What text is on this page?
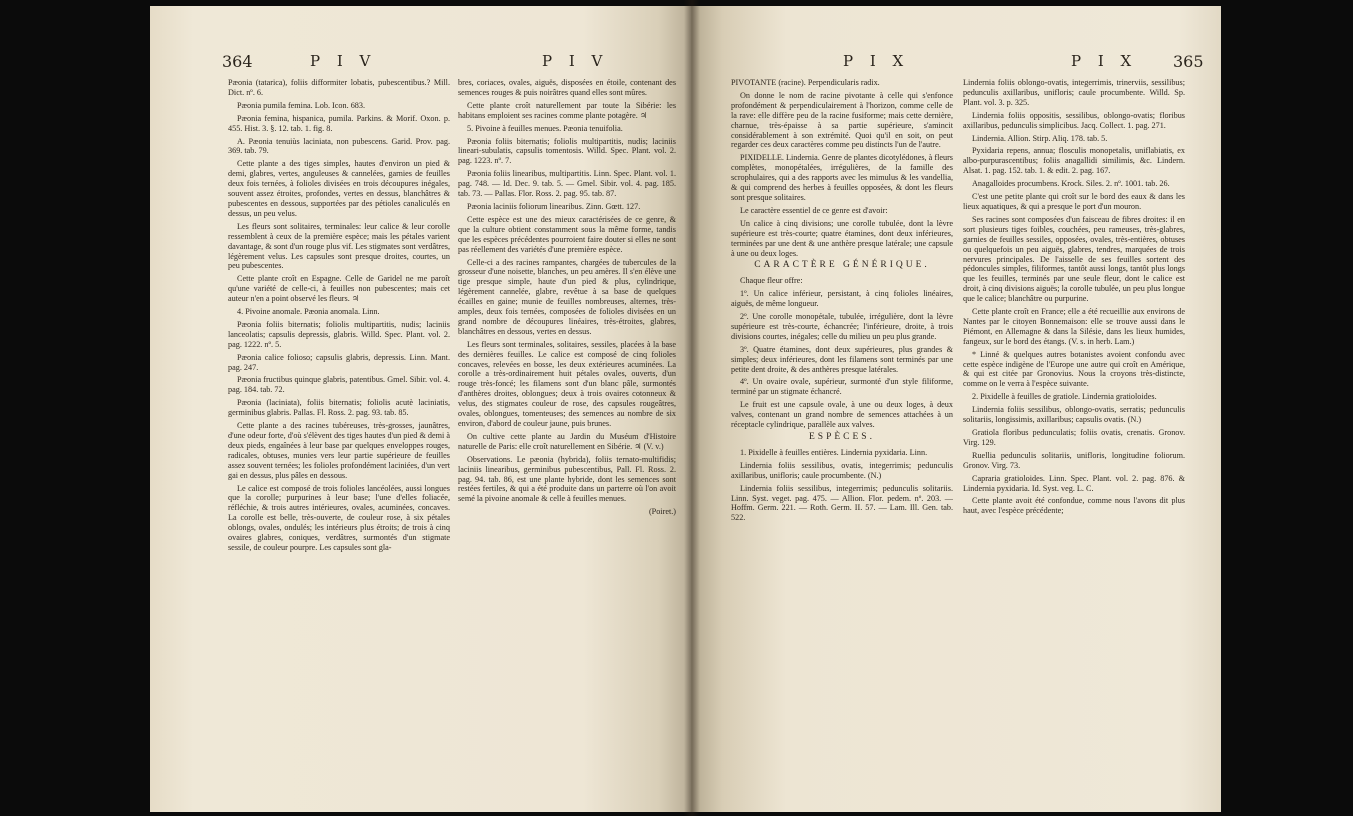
364	P I V	P I V

Pæonia (tatarica), foliis difformiter lobatis, pubescentibus.? Mill. Dict. nº. 6.

Pæonia pumila femina. Lob. Icon. 683.

Pæonia femina, hispanica, pumila. Parkins. & Morif. Oxon. p. 455. Hist. 3. §. 12. tab. 1. fig. 8.

A. Pæonia tenuiùs laciniata, non pubescens. Garid. Prov. pag. 369. tab. 79.

Cette plante a des tiges simples, hautes d'environ un pied & demi, glabres, vertes, anguleuses & cannelées, garnies de feuilles deux fois ternées, à folioles divisées en trois découpures inégales, souvent assez étroites, profondes, vertes en dessus, blanchâtres & pubescentes en dessous, supportées par des pétioles canaliculés en dessus, un peu velus.

Les fleurs sont solitaires, terminales: leur calice & leur corolle ressemblent à ceux de la première espèce; mais les pétales varient davantage, & sont d'un rouge plus vif. Les stigmates sont verdâtres, légèrement velus. Les capsules sont presque droites, courtes, un peu pubescentes.

Cette plante croît en Espagne. Celle de Garidel ne me paroît qu'une variété de celle-ci, à feuilles non pubescentes; mais cet auteur n'en a point observé les fleurs. ♃

4. Pivoine anomale. Pæonia anomala. Linn.

Pæonia foliis biternatis; foliolis multipartitis, nudis; laciniis lanceolatis; capsulis depressis, glabris. Willd. Spec. Plant. vol. 2. pag. 1222. nº. 5.

Pæonia calice folioso; capsulis glabris, depressis. Linn. Mant. pag. 247.

Pæonia fructibus quinque glabris, patentibus. Gmel. Sibir. vol. 4. pag. 184. tab. 72.

Pæonia (laciniata), foliis biternatis; foliolis acutè laciniatis, germinibus glabris. Pallas. Fl. Ross. 2. pag. 93. tab. 85.

Cette plante a des racines tubéreuses, très-grosses, jaunâtres, d'une odeur forte, d'où s'élèvent des tiges hautes d'un pied & demi à deux pieds, engaînées à leur base par quelques enveloppes rouges, radicales, obtuses, munies vers leur partie supérieure de feuilles assez souvent ternées; les folioles profondément laciniées, d'un vert gai en dessus, plus pâles en dessous.

Le calice est composé de trois folioles lancéolées, aussi longues que la corolle; purpurines à leur base; l'une d'elles foliacée, réfléchie, & trois autres intérieures, ovales, acuminées, concaves. La corolle est belle, très-ouverte, de couleur rose, à six pétales oblongs, ovales, ondulés; les intérieurs plus étroits; de trois à cinq ovaires glabres, coniques, verdâtres, surmontés d'un stigmate sessile, de couleur pourpre. Les capsules sont gla-

bres, coriaces, ovales, aiguës, disposées en étoile, contenant des semences rouges & puis noirâtres quand elles sont mûres.

Cette plante croît naturellement par toute la Sibérie: les habitans emploient ses racines comme plante potagère. ♃

5. Pivoine à feuilles menues. Pæonia tenuifolia.

Pæonia foliis biternatis; foliolis multipartitis, nudis; laciniis lineari-subulatis, capsulis tomentosis. Willd. Spec. Plant. vol. 2. pag. 1223. nº. 7.

Pæonia foliis linearibus, multipartitis. Linn. Spec. Plant. vol. 1. pag. 748. — Id. Dec. 9. tab. 5. — Gmel. Sibir. vol. 4. pag. 185. tab. 73. — Pallas. Flor. Ross. 2. pag. 95. tab. 87.

Pæonia laciniis foliorum linearibus. Zinn. Gœtt. 127.

Cette espèce est une des mieux caractérisées de ce genre, & que la culture obtient constamment sous la même forme, tandis que les espèces précédentes pourroient faire douter si elles ne sont pas réellement des variétés d'une première espèce.

Celle-ci a des racines rampantes, chargées de tubercules de la grosseur d'une noisette, blanches, un peu amères. Il s'en élève une tige presque simple, haute d'un pied & plus, cylindrique, légèrement cannelée, glabre, revêtue à sa base de quelques écailles en gaine; munie de feuilles nombreuses, alternes, très-amples, deux fois ternées, composées de folioles divisées en un grand nombre de découpures linéaires, très-étroites, glabres, blanchâtres en dessous, vertes en dessus.

Les fleurs sont terminales, solitaires, sessiles, placées à la base des dernières feuilles. Le calice est composé de cinq folioles concaves, relevées en bosse, les deux extérieures acuminées. La corolle a très-ordinairement huit pétales ovales, ouverts, d'un rouge très-foncé; les filamens sont d'un blanc pâle, surmontés d'anthères droites, oblongues; deux à trois ovaires cotonneux & velus, des stigmates couleur de rose, des capsules rougeâtres, ovales, oblongues, tomenteuses; des semences au nombre de six environ, d'abord de couleur jaune, puis brunes.

On cultive cette plante au Jardin du Muséum d'Histoire naturelle de Paris: elle croît naturellement en Sibérie. ♃ (V. v.)

Observations. Le pæonia (hybrida), foliis ternato-multifidis; laciniis linearibus, germinibus pubescentibus, Pall. Fl. Ross. 2. pag. 94. tab. 86, est une plante hybride, dont les semences sont restées fertiles, & qui a été produite dans un parterre où l'on avoit semé la pivoine anomale & celle à feuilles menues.

(Poiret.)
P I X	P I X 365

PIVOTANTE (racine). Perpendicularis radix.

On donne le nom de racine pivotante à celle qui s'enfonce profondément & perpendiculairement à l'horizon, comme celle de la rave: elle diffère peu de la racine fusiforme; mais cette dernière, charnue, très-épaisse à sa partie supérieure, s'amincit considérablement à son extrémité. Quoi qu'il en soit, on peut regarder ces deux caractères comme peu distincts l'un de l'autre.

PIXIDELLE. Lindernia. Genre de plantes dicotylédones, à fleurs complètes, monopétalées, irrégulières, de la famille des scrophulaires, qui a des rapports avec les mimulus & les vandellia, & qui comprend des herbes à feuilles opposées, & dont les fleurs sont presque solitaires.

Le caractère essentiel de ce genre est d'avoir:

Un calice à cinq divisions; une corolle tubulée, dont la lèvre supérieure est très-courte; quatre étamines, dont deux inférieures, terminées par une dent & une anthère presque latérale; une capsule à une ou deux loges.

CARACTÈRE GÉNÉRIQUE.

Chaque fleur offre:

1º. Un calice inférieur, persistant, à cinq folioles linéaires, aiguës, de même longueur.

2º. Une corolle monopétale, tubulée, irrégulière, dont la lèvre supérieure est très-courte, échancrée; l'inférieure, droite, à trois divisions courtes, inégales; celle du milieu un peu plus grande.

3º. Quatre étamines, dont deux supérieures, plus grandes & simples; deux inférieures, dont les filamens sont terminés par une petite dent droite, & des anthères presque latérales.

4º. Un ovaire ovale, supérieur, surmonté d'un style filiforme, terminé par un stigmate échancré.

Le fruit est une capsule ovale, à une ou deux loges, à deux valves, contenant un grand nombre de semences attachées à un réceptacle cylindrique, parallèle aux valves.

ESPÈCES.

1. Pixidelle à feuilles entières. Lindernia pyxidaria. Linn.

Lindernia foliis sessilibus, ovatis, integerrimis; pedunculis axillaribus, unifloris; caule procumbente. (N.)

Lindernia foliis sessilibus, integerrimis; pedunculis solitariis. Linn. Syst. veget. pag. 475. — Allion. Flor. pedem. nº. 203. — Hoffm. Germ. 221. — Roth. Germ. II. 57. — Lam. Ill. Gen. tab. 522.

Lindernia foliis oblongo-ovatis, integerrimis, trinerviis, sessilibus; pedunculis axillaribus, unifloris; caule procumbente. Willd. Sp. Plant. vol. 3. p. 325.

Lindernia foliis oppositis, sessilibus, oblongo-ovatis; floribus axillaribus, pedunculis simplicibus. Jacq. Collect. 1. pag. 271.

Lindernia. Allion. Stirp. Aliq. 178. tab. 5.

Pyxidaria repens, annua; flosculis monopetalis, uniflabiatis, ex albo-purpurascentibus; foliis anagallidi similimis, &c. Lindern. Alsat. 1. pag. 152. tab. 1. & edit. 2. pag. 167.

Anagalloides procumbens. Krock. Siles. 2. nº. 1001. tab. 26.

C'est une petite plante qui croît sur le bord des eaux & dans les lieux aquatiques, & qui a presque le port d'un mouron.

Ses racines sont composées d'un faisceau de fibres droites: il en sort plusieurs tiges foibles, couchées, peu rameuses, très-glabres, garnies de feuilles sessiles, opposées, ovales, très-entières, obtuses ou quelquefois un peu aiguës, glabres, tendres, marquées de trois nervures principales. De l'aisselle de ses feuilles sortent des pédoncules simples, filiformes, tantôt aussi longs, tantôt plus longs que les feuilles, terminés par une seule fleur, dont le calice est droit, à cinq divisions aiguës; la corolle tubulée, un peu plus longue que le calice; blanchâtre ou purpurine.

Cette plante croît en France; elle a été recueillie aux environs de Nantes par le citoyen Bonnemaison: elle se trouve aussi dans le Piémont, en Allemagne & dans la Silésie, dans les lieux humides, fangeux, sur le bord des étangs. (V. s. in herb. Lam.)

* Linné & quelques autres botanistes avoient confondu avec cette espèce indigène de l'Europe une autre qui croît en Amérique, & qui est citée par Gronovius. Nous la croyons très-distincte, comme on le verra à l'espèce suivante.

2. Pixidelle à feuilles de gratiole. Lindernia gratioloides.

Lindernia foliis sessilibus, oblongo-ovatis, serratis; pedunculis solitariis, longissimis, axillaribus; capsulis ovatis. (N.)

Gratiola floribus pedunculatis; foliis ovatis, crenatis. Gronov. Virg. 129.

Ruellia pedunculis solitariis, unifloris, longitudine foliorum. Gronov. Virg. 73.

Capraria gratioloides. Linn. Spec. Plant. vol. 2. pag. 876. & Lindernia pyxidaria. Id. Syst. veg. L. C.

Cette plante avoit été confondue, comme nous l'avons dit plus haut, avec l'espèce précédente;
